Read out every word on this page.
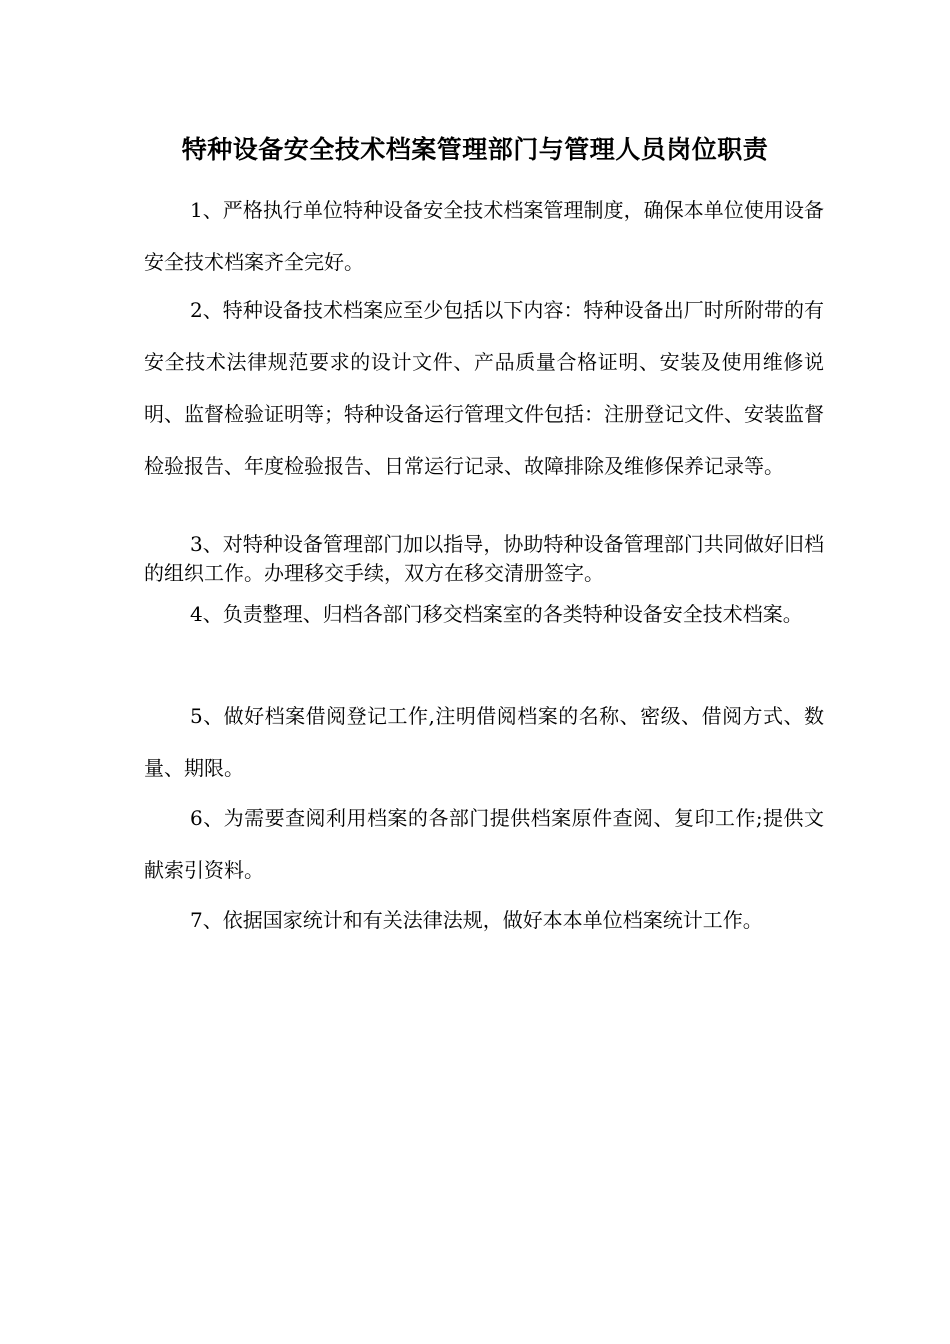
特种设备安全技术档案管理部门与管理人员岗位职责

1、严格执行单位特种设备安全技术档案管理制度，确保本单位使用设备安全技术档案齐全完好。

2、特种设备技术档案应至少包括以下内容：特种设备出厂时所附带的有安全技术法律规范要求的设计文件、产品质量合格证明、安装及使用维修说明、监督检验证明等；特种设备运行管理文件包括：注册登记文件、安装监督检验报告、年度检验报告、日常运行记录、故障排除及维修保养记录等。

3、对特种设备管理部门加以指导，协助特种设备管理部门共同做好旧档的组织工作。办理移交手续，双方在移交清册签字。

4、负责整理、归档各部门移交档案室的各类特种设备安全技术档案。

5、做好档案借阅登记工作,注明借阅档案的名称、密级、借阅方式、数量、期限。

6、为需要查阅利用档案的各部门提供档案原件查阅、复印工作;提供文献索引资料。

7、依据国家统计和有关法律法规，做好本本单位档案统计工作。
